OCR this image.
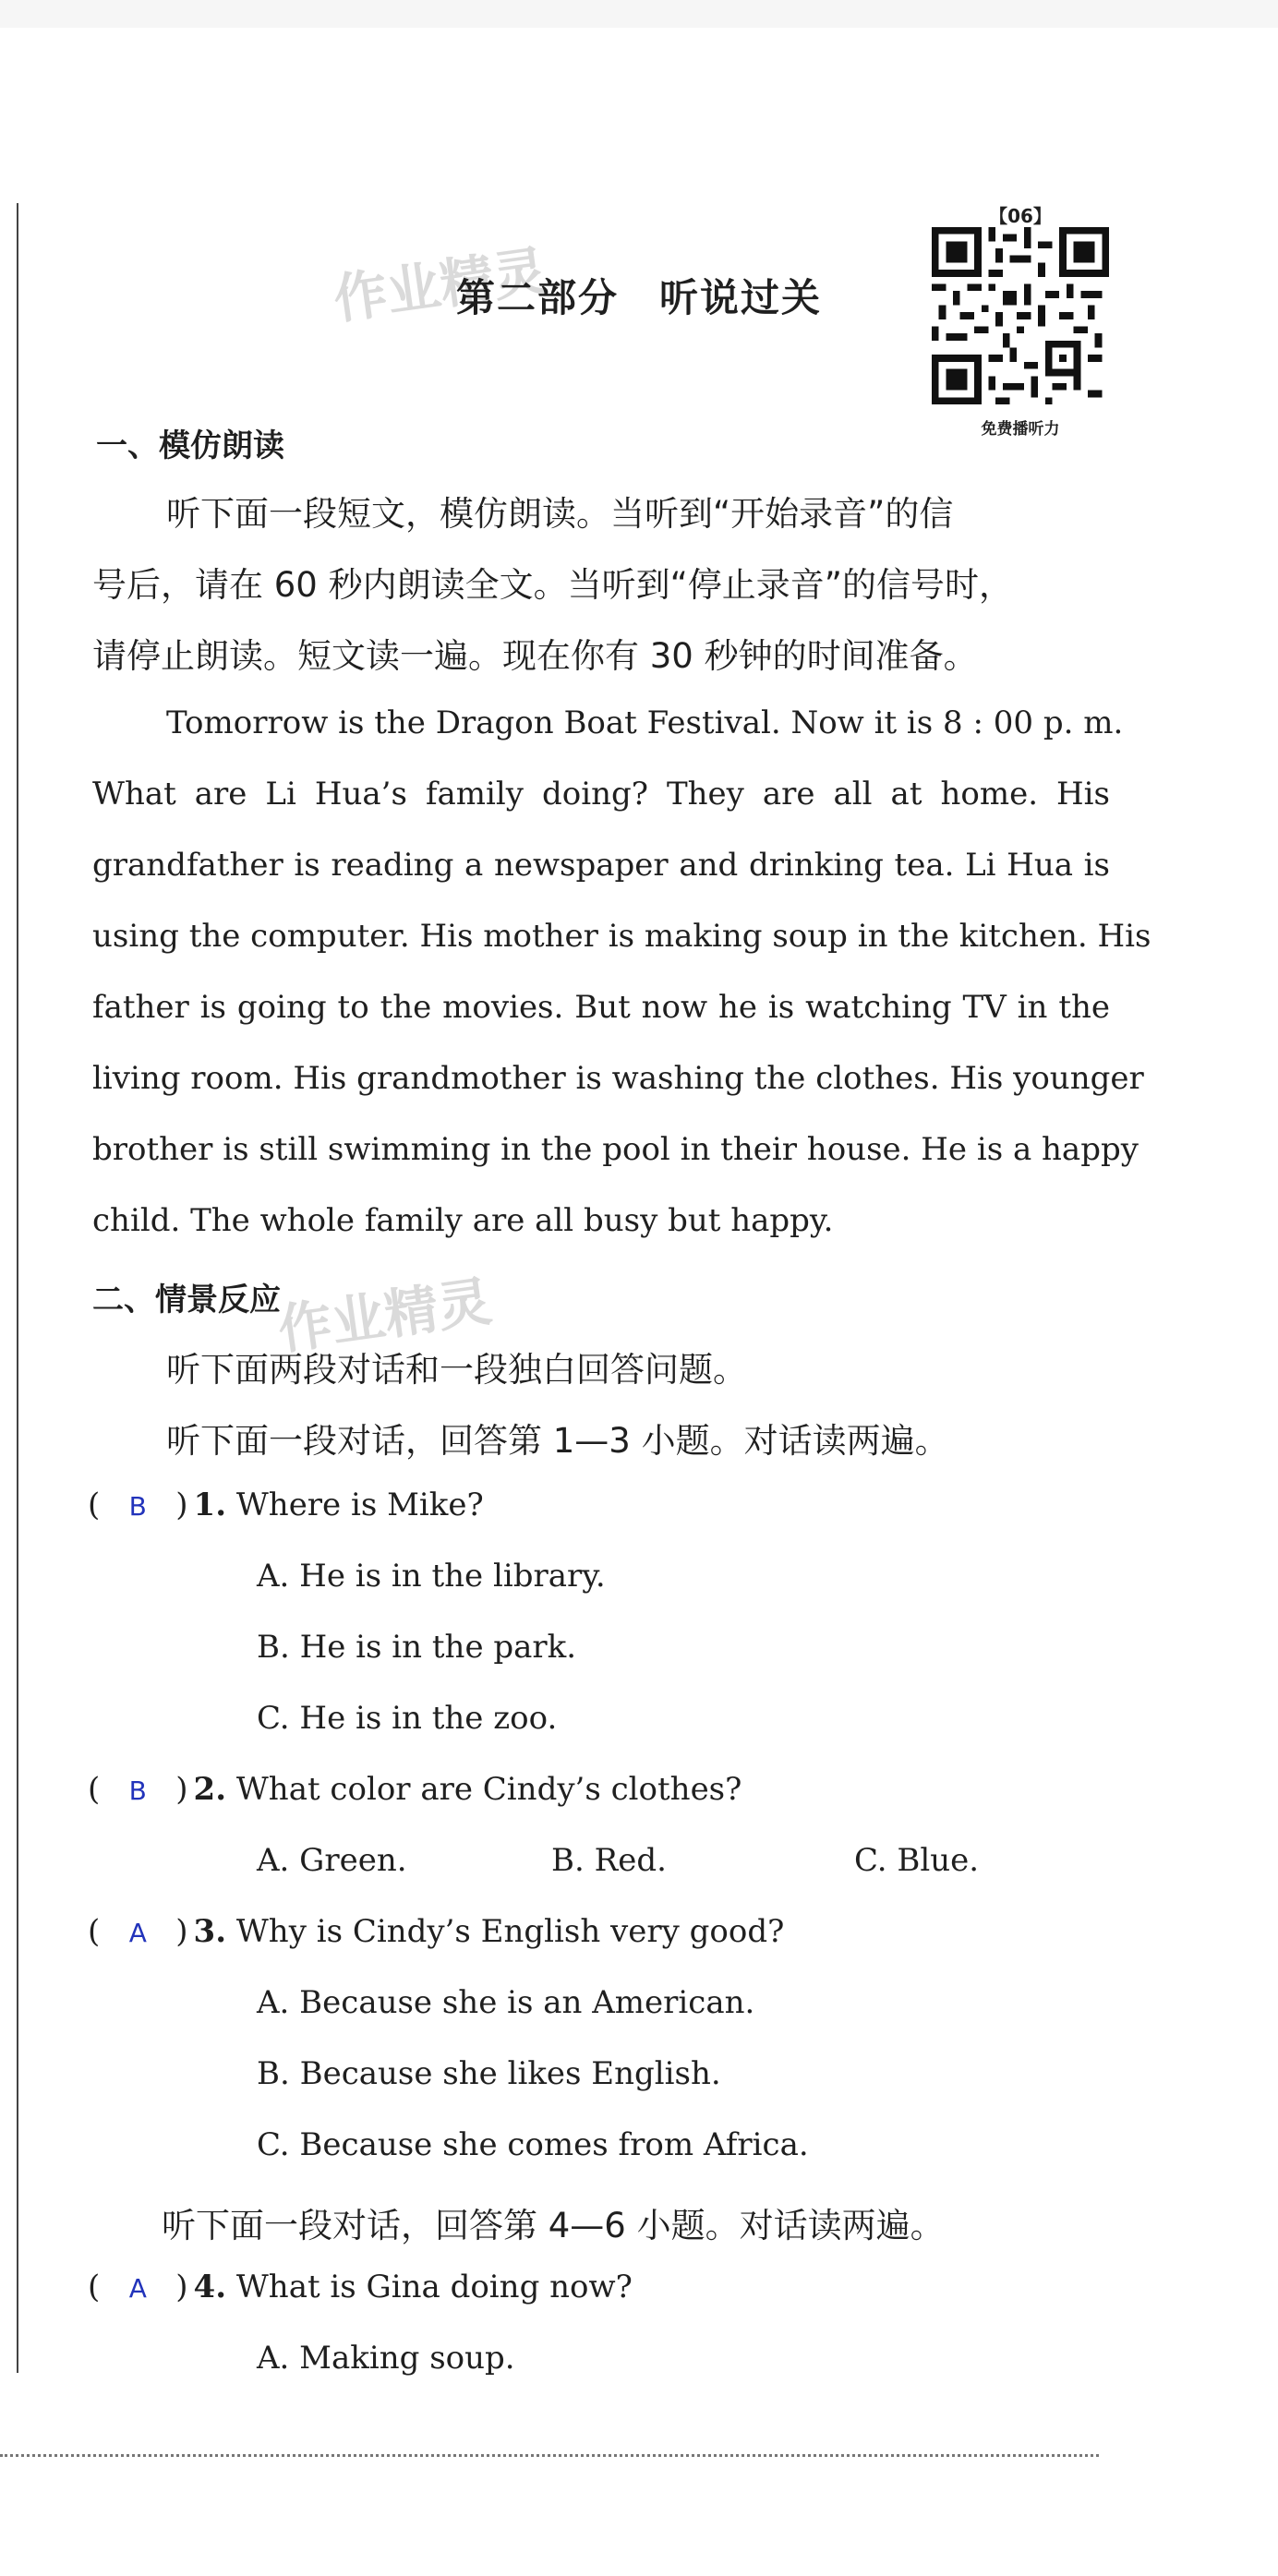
作业精灵
第二部分　听说过关
【06】
免费播听力
一、模仿朗读
听下面一段短文，模仿朗读。当听到“开始录音”的信
号后，请在 60 秒内朗读全文。当听到“停止录音”的信号时，
请停止朗读。短文读一遍。现在你有 30 秒钟的时间准备。
Tomorrow is the Dragon Boat Festival. Now it is 8 : 00 p. m.
What are Li Hua’s family doing? They are all at home. His
grandfather is reading a newspaper and drinking tea. Li Hua is
using the computer. His mother is making soup in the kitchen. His
father is going to the movies. But now he is watching TV in the
living room. His grandmother is washing the clothes. His younger
brother is still swimming in the pool in their house. He is a happy
child. The whole family are all busy but happy.
二、情景反应
作业精灵
听下面两段对话和一段独白回答问题。
听下面一段对话，回答第 1—3 小题。对话读两遍。
( B ) 1. Where is Mike?
A. He is in the library.
B. He is in the park.
C. He is in the zoo.
( B ) 2. What color are Cindy’s clothes?
A. Green.	B. Red.	C. Blue.
( A ) 3. Why is Cindy’s English very good?
A. Because she is an American.
B. Because she likes English.
C. Because she comes from Africa.
听下面一段对话，回答第 4—6 小题。对话读两遍。
( A ) 4. What is Gina doing now?
A. Making soup.
